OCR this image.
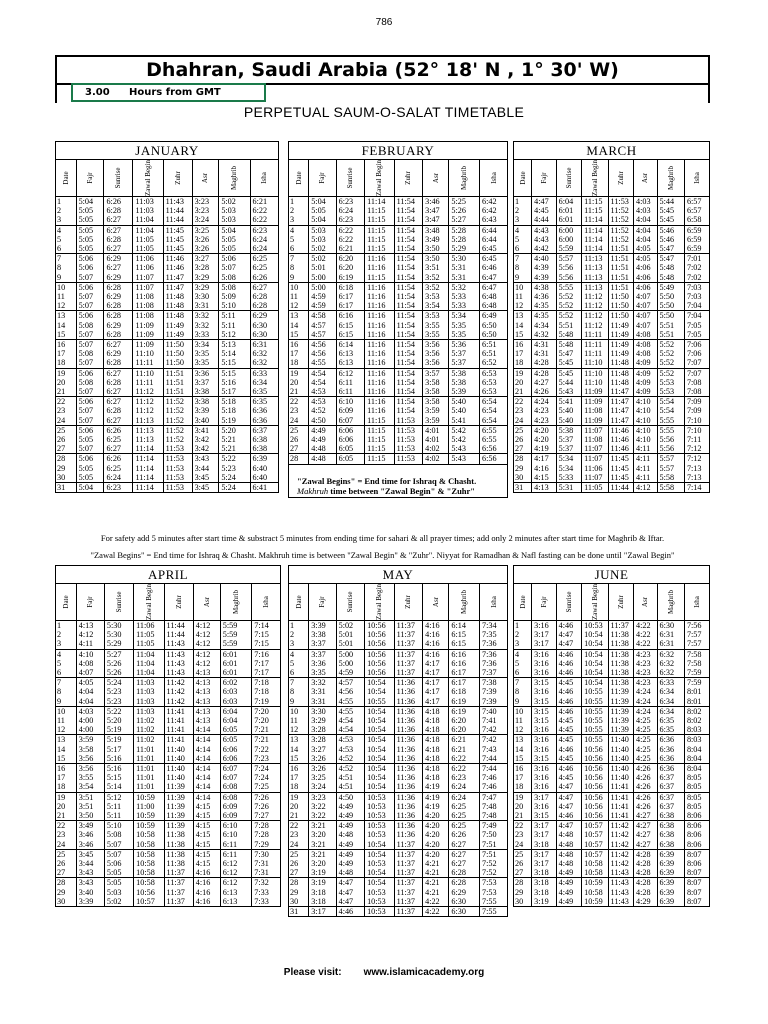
786
Dhahran, Saudi Arabia (52° 18' N , 1° 30' W)
3.00 Hours from GMT
PERPETUAL SAUM-O-SALAT TIMETABLE
JANUARY
Date	Fajr	Sunrise	Zawal Begin	Zuhr	Asr	Maghrib	Isha

1	5:04	6:26	11:03	11:43	3:23	5:02	6:21
2	5:05	6:28	11:03	11:44	3:23	5:03	6:22
3	5:05	6:27	11:04	11:44	3:24	5:03	6:22
4	5:05	6:27	11:04	11:45	3:25	5:04	6:23
5	5:05	6:28	11:05	11:45	3:26	5:05	6:24
6	5:05	6:27	11:05	11:45	3:26	5:05	6:24
7	5:06	6:29	11:06	11:46	3:27	5:06	6:25
8	5:06	6:27	11:06	11:46	3:28	5:07	6:25
9	5:07	6:29	11:07	11:47	3:29	5:08	6:26
10	5:06	6:28	11:07	11:47	3:29	5:08	6:27
11	5:07	6:29	11:08	11:48	3:30	5:09	6:28
12	5:07	6:28	11:08	11:48	3:31	5:10	6:28
13	5:06	6:28	11:08	11:48	3:32	5:11	6:29
14	5:08	6:29	11:09	11:49	3:32	5:11	6:30
15	5:07	6:28	11:09	11:49	3:33	5:12	6:30
16	5:07	6:27	11:09	11:50	3:34	5:13	6:31
17	5:08	6:29	11:10	11:50	3:35	5:14	6:32
18	5:07	6:28	11:11	11:50	3:35	5:15	6:32
19	5:06	6:27	11:10	11:51	3:36	5:15	6:33
20	5:08	6:28	11:11	11:51	3:37	5:16	6:34
21	5:07	6:27	11:12	11:51	3:38	5:17	6:35
22	5:06	6:27	11:12	11:52	3:38	5:18	6:35
23	5:07	6:28	11:12	11:52	3:39	5:18	6:36
24	5:07	6:27	11:13	11:52	3:40	5:19	6:36
25	5:06	6:26	11:13	11:52	3:41	5:20	6:37
26	5:05	6:25	11:13	11:52	3:42	5:21	6:38
27	5:07	6:27	11:14	11:53	3:42	5:21	6:38
28	5:06	6:26	11:14	11:53	3:43	5:22	6:39
29	5:05	6:25	11:14	11:53	3:44	5:23	6:40
30	5:05	6:24	11:14	11:53	3:45	5:24	6:40
31	5:04	6:23	11:14	11:53	3:45	5:24	6:41
FEBRUARY
Date	Fajr	Sunrise	Zawal Begin	Zuhr	Asr	Maghrib	Isha

1	5:04	6:23	11:14	11:54	3:46	5:25	6:42
2	5:05	6:24	11:15	11:54	3:47	5:26	6:42
3	5:04	6:23	11:15	11:54	3:47	5:27	6:43
4	5:03	6:22	11:15	11:54	3:48	5:28	6:44
5	5:03	6:22	11:15	11:54	3:49	5:28	6:44
6	5:02	6:21	11:15	11:54	3:50	5:29	6:45
7	5:02	6:20	11:16	11:54	3:50	5:30	6:45
8	5:01	6:20	11:16	11:54	3:51	5:31	6:46
9	5:00	6:19	11:15	11:54	3:52	5:31	6:47
10	5:00	6:18	11:16	11:54	3:52	5:32	6:47
11	4:59	6:17	11:16	11:54	3:53	5:33	6:48
12	4:59	6:17	11:16	11:54	3:54	5:33	6:48
13	4:58	6:16	11:16	11:54	3:53	5:34	6:49
14	4:57	6:15	11:16	11:54	3:55	5:35	6:50
15	4:57	6:15	11:16	11:54	3:55	5:35	6:50
16	4:56	6:14	11:16	11:54	3:56	5:36	6:51
17	4:56	6:13	11:16	11:54	3:56	5:37	6:51
18	4:55	6:13	11:16	11:54	3:56	5:37	6:52
19	4:54	6:12	11:16	11:54	3:57	5:38	6:53
20	4:54	6:11	11:16	11:54	3:58	5:38	6:53
21	4:53	6:11	11:16	11:54	3:58	5:39	6:53
22	4:53	6:10	11:16	11:54	3:58	5:40	6:54
23	4:52	6:09	11:16	11:54	3:59	5:40	6:54
24	4:50	6:07	11:15	11:53	3:59	5:41	6:54
25	4:49	6:06	11:15	11:53	4:01	5:42	6:55
26	4:49	6:06	11:15	11:53	4:01	5:42	6:55
27	4:48	6:05	11:15	11:53	4:02	5:43	6:56
28	4:48	6:05	11:15	11:53	4:02	5:43	6:56
"Zawal Begins" = End time for Ishraq & Chasht.
Makhruh time between "Zawal Begin" & "Zuhr"
MARCH
Date	Fajr	Sunrise	Zawal Begin	Zuhr	Asr	Maghrib	Isha

1	4:47	6:04	11:15	11:53	4:03	5:44	6:57
2	4:45	6:01	11:15	11:52	4:03	5:45	6:57
3	4:44	6:01	11:14	11:52	4:04	5:45	6:58
4	4:43	6:00	11:14	11:52	4:04	5:46	6:59
5	4:43	6:00	11:14	11:52	4:04	5:46	6:59
6	4:42	5:59	11:14	11:51	4:05	5:47	6:59
7	4:40	5:57	11:13	11:51	4:05	5:47	7:01
8	4:39	5:56	11:13	11:51	4:06	5:48	7:02
9	4:39	5:56	11:13	11:51	4:06	5:48	7:02
10	4:38	5:55	11:13	11:51	4:06	5:49	7:03
11	4:36	5:52	11:12	11:50	4:07	5:50	7:03
12	4:35	5:52	11:12	11:50	4:07	5:50	7:04
13	4:35	5:52	11:12	11:50	4:07	5:50	7:04
14	4:34	5:51	11:12	11:49	4:07	5:51	7:05
15	4:32	5:48	11:11	11:49	4:08	5:51	7:05
16	4:31	5:48	11:11	11:49	4:08	5:52	7:06
17	4:31	5:47	11:11	11:49	4:08	5:52	7:06
18	4:28	5:45	11:10	11:48	4:09	5:52	7:07
19	4:28	5:45	11:10	11:48	4:09	5:52	7:07
20	4:27	5:44	11:10	11:48	4:09	5:53	7:08
21	4:26	5:43	11:09	11:47	4:09	5:53	7:08
22	4:24	5:41	11:09	11:47	4:10	5:54	7:09
23	4:23	5:40	11:08	11:47	4:10	5:54	7:09
24	4:23	5:40	11:09	11:47	4:10	5:55	7:10
25	4:20	5:38	11:07	11:46	4:10	5:55	7:10
26	4:20	5:37	11:08	11:46	4:10	5:56	7:11
27	4:19	5:37	11:07	11:46	4:11	5:56	7:12
28	4:17	5:34	11:07	11:45	4:11	5:57	7:12
29	4:16	5:34	11:06	11:45	4:11	5:57	7:13
30	4:15	5:33	11:07	11:45	4:11	5:58	7:13
31	4:13	5:31	11:05	11:44	4:12	5:58	7:14
APRIL
Date	Fajr	Sunrise	Zawal Begin	Zuhr	Asr	Maghrib	Isha

1	4:13	5:30	11:06	11:44	4:12	5:59	7:14
2	4:12	5:30	11:05	11:44	4:12	5:59	7:15
3	4:11	5:29	11:05	11:43	4:12	5:59	7:15
4	4:10	5:27	11:04	11:43	4:12	6:01	7:16
5	4:08	5:26	11:04	11:43	4:12	6:01	7:17
6	4:07	5:26	11:04	11:43	4:13	6:01	7:17
7	4:05	5:24	11:03	11:42	4:13	6:02	7:18
8	4:04	5:23	11:03	11:42	4:13	6:03	7:18
9	4:04	5:23	11:03	11:42	4:13	6:03	7:19
10	4:03	5:22	11:03	11:41	4:13	6:04	7:20
11	4:00	5:20	11:02	11:41	4:13	6:04	7:20
12	4:00	5:19	11:02	11:41	4:14	6:05	7:21
13	3:59	5:19	11:02	11:41	4:14	6:05	7:21
14	3:58	5:17	11:01	11:40	4:14	6:06	7:22
15	3:56	5:16	11:01	11:40	4:14	6:06	7:23
16	3:56	5:16	11:01	11:40	4:14	6:07	7:24
17	3:55	5:15	11:01	11:40	4:14	6:07	7:24
18	3:54	5:14	11:01	11:39	4:14	6:08	7:25
19	3:51	5:12	10:59	11:39	4:14	6:08	7:26
20	3:51	5:11	11:00	11:39	4:15	6:09	7:26
21	3:50	5:11	10:59	11:39	4:15	6:09	7:27
22	3:49	5:10	10:59	11:39	4:15	6:10	7:28
23	3:46	5:08	10:58	11:38	4:15	6:10	7:28
24	3:46	5:07	10:58	11:38	4:15	6:11	7:29
25	3:45	5:07	10:58	11:38	4:15	6:11	7:30
26	3:44	5:06	10:58	11:38	4:15	6:12	7:31
27	3:43	5:05	10:58	11:37	4:16	6:12	7:31
28	3:43	5:05	10:58	11:37	4:16	6:12	7:32
29	3:40	5:03	10:56	11:37	4:16	6:13	7:33
30	3:39	5:02	10:57	11:37	4:16	6:13	7:33
MAY
Date	Fajr	Sunrise	Zawal Begin	Zuhr	Asr	Maghrib	Isha

1	3:39	5:02	10:56	11:37	4:16	6:14	7:34
2	3:38	5:01	10:56	11:37	4:16	6:15	7:35
3	3:37	5:01	10:56	11:37	4:16	6:15	7:36
4	3:37	5:00	10:56	11:37	4:16	6:16	7:36
5	3:36	5:00	10:56	11:37	4:17	6:16	7:36
6	3:35	4:59	10:56	11:37	4:17	6:17	7:37
7	3:32	4:57	10:54	11:36	4:17	6:17	7:38
8	3:31	4:56	10:54	11:36	4:17	6:18	7:39
9	3:31	4:55	10:55	11:36	4:17	6:19	7:39
10	3:30	4:55	10:54	11:36	4:18	6:19	7:40
11	3:29	4:54	10:54	11:36	4:18	6:20	7:41
12	3:28	4:54	10:54	11:36	4:18	6:20	7:42
13	3:28	4:53	10:54	11:36	4:18	6:21	7:42
14	3:27	4:53	10:54	11:36	4:18	6:21	7:43
15	3:26	4:52	10:54	11:36	4:18	6:22	7:44
16	3:26	4:52	10:54	11:36	4:18	6:22	7:44
17	3:25	4:51	10:54	11:36	4:18	6:23	7:46
18	3:24	4:51	10:54	11:36	4:19	6:24	7:46
19	3:23	4:50	10:53	11:36	4:19	6:24	7:47
20	3:22	4:49	10:53	11:36	4:19	6:25	7:48
21	3:22	4:49	10:53	11:36	4:20	6:25	7:48
22	3:21	4:49	10:53	11:36	4:20	6:25	7:49
23	3:20	4:48	10:53	11:36	4:20	6:26	7:50
24	3:21	4:49	10:54	11:37	4:20	6:27	7:51
25	3:21	4:49	10:54	11:37	4:20	6:27	7:51
26	3:20	4:49	10:53	11:37	4:21	6:27	7:52
27	3:19	4:48	10:54	11:37	4:21	6:28	7:52
28	3:19	4:47	10:54	11:37	4:21	6:28	7:53
29	3:18	4:47	10:53	11:37	4:21	6:29	7:53
30	3:18	4:47	10:53	11:37	4:22	6:30	7:55
31	3:17	4:46	10:53	11:37	4:22	6:30	7:55
JUNE
Date	Fajr	Sunrise	Zawal Begin	Zuhr	Asr	Maghrib	Isha

1	3:16	4:46	10:53	11:37	4:22	6:30	7:56
2	3:17	4:47	10:54	11:38	4:22	6:31	7:57
3	3:17	4:47	10:54	11:38	4:22	6:31	7:57
4	3:16	4:46	10:54	11:38	4:23	6:32	7:58
5	3:16	4:46	10:54	11:38	4:23	6:32	7:58
6	3:16	4:46	10:54	11:38	4:23	6:32	7:59
7	3:15	4:45	10:54	11:38	4:23	6:33	7:59
8	3:16	4:46	10:55	11:39	4:24	6:34	8:01
9	3:15	4:46	10:55	11:39	4:24	6:34	8:01
10	3:15	4:46	10:55	11:39	4:24	6:34	8:02
11	3:15	4:45	10:55	11:39	4:25	6:35	8:02
12	3:16	4:45	10:55	11:39	4:25	6:35	8:03
13	3:16	4:45	10:55	11:40	4:25	6:36	8:03
14	3:16	4:46	10:56	11:40	4:25	6:36	8:04
15	3:15	4:45	10:56	11:40	4:25	6:36	8:04
16	3:16	4:46	10:56	11:40	4:26	6:36	8:04
17	3:16	4:45	10:56	11:40	4:26	6:37	8:05
18	3:16	4:47	10:56	11:41	4:26	6:37	8:05
19	3:17	4:47	10:56	11:41	4:26	6:37	8:05
20	3:16	4:47	10:56	11:41	4:26	6:37	8:05
21	3:15	4:46	10:56	11:41	4:27	6:38	8:06
22	3:17	4:47	10:57	11:42	4:27	6:38	8:06
23	3:17	4:48	10:57	11:42	4:27	6:38	8:06
24	3:18	4:48	10:57	11:42	4:27	6:38	8:06
25	3:17	4:48	10:57	11:42	4:28	6:39	8:07
26	3:17	4:48	10:58	11:42	4:28	6:39	8:06
27	3:18	4:49	10:58	11:43	4:28	6:39	8:07
28	3:18	4:49	10:59	11:43	4:28	6:39	8:07
29	3:18	4:49	10:58	11:43	4:28	6:39	8:07
30	3:19	4:49	10:59	11:43	4:29	6:39	8:07
For safety add 5 minutes after start time & substract 5 minutes from ending time for sahari & all prayer times; add only 2 minutes after start time for Maghrib & Iftar.
"Zawal Begins" = End time for Ishraq & Chasht. Makhruh time is between "Zawal Begin" & "Zuhr". Niyyat for Ramadhan & Nafl fasting can be done until "Zawal Begin"
Please visit: www.islamicacademy.org
